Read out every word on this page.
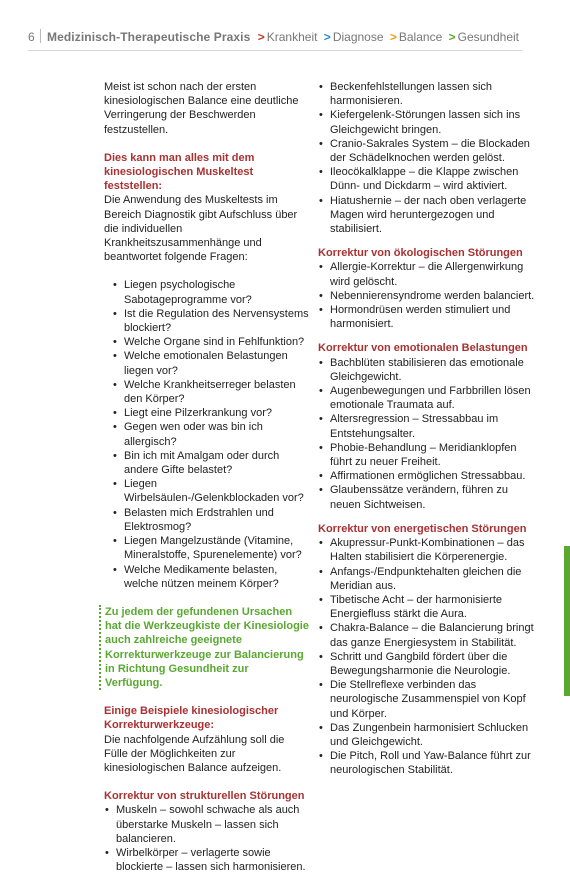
6 Medizinisch-Therapeutische Praxis > Krankheit > Diagnose > Balance > Gesundheit

Meist ist schon nach der ersten kinesiologischen Balance eine deutliche Verringerung der Beschwerden festzustellen.

Dies kann man alles mit dem kinesiologischen Muskeltest feststellen:

Die Anwendung des Muskeltests im Bereich Diagnostik gibt Aufschluss über die individuellen Krankheitszusammenhänge und beantwortet folgende Fragen:

• Liegen psychologische Sabotageprogramme vor?
• Ist die Regulation des Nervensystems blockiert?
• Welche Organe sind in Fehlfunktion?
• Welche emotionalen Belastungen liegen vor?
• Welche Krankheitserreger belasten den Körper?
• Liegt eine Pilzerkrankung vor?
• Gegen wen oder was bin ich allergisch?
• Bin ich mit Amalgam oder durch andere Gifte belastet?
• Liegen Wirbelsäulen-/Gelenkblockaden vor?
• Belasten mich Erdstrahlen und Elektrosmog?
• Liegen Mangelzustände (Vitamine, Mineralstoffe, Spurenelemente) vor?
• Welche Medikamente belasten, welche nützen meinem Körper?

Zu jedem der gefundenen Ursachen hat die Werkzeugkiste der Kinesiologie auch zahlreiche geeignete Korrekturwerkzeuge zur Balancierung in Richtung Gesundheit zur Verfügung.

Einige Beispiele kinesiologischer Korrekturwerkzeuge:

Die nachfolgende Aufzählung soll die Fülle der Möglichkeiten zur kinesiologischen Balance aufzeigen.

Korrektur von strukturellen Störungen
• Muskeln – sowohl schwache als auch überstarke Muskeln – lassen sich balancieren.
• Wirbelkörper – verlagerte sowie blockierte – lassen sich harmonisieren.
• Beckenfehlstellungen lassen sich harmonisieren.
• Kiefergelenk-Störungen lassen sich ins Gleichgewicht bringen.
• Cranio-Sakrales System – die Blockaden der Schädelknochen werden gelöst.
• Ileocökalklappe – die Klappe zwischen Dünn- und Dickdarm – wird aktiviert.
• Hiatushernie – der nach oben verlagerte Magen wird heruntergezogen und stabilisiert.
Korrektur von ökologischen Störungen
• Allergie-Korrektur – die Allergenwirkung wird gelöscht.
• Nebennierensyndrome werden balanciert.
• Hormondrüsen werden stimuliert und harmonisiert.
Korrektur von emotionalen Belastungen
• Bachblüten stabilisieren das emotionale Gleichgewicht.
• Augenbewegungen und Farbbrillen lösen emotionale Traumata auf.
• Altersregression – Stressabbau im Entstehungsalter.
• Phobie-Behandlung – Meridianklopfen führt zu neuer Freiheit.
• Affirmationen ermöglichen Stressabbau.
• Glaubenssätze verändern, führen zu neuen Sichtweisen.
Korrektur von energetischen Störungen
• Akupressur-Punkt-Kombinationen – das Halten stabilisiert die Körperenergie.
• Anfangs-/Endpunktehalten gleichen die Meridian aus.
• Tibetische Acht – der harmonisierte Energiefluss stärkt die Aura.
• Chakra-Balance – die Balancierung bringt das ganze Energiesystem in Stabilität.
• Schritt und Gangbild fördert über die Bewegungsharmonie die Neurologie.
• Die Stellreflexe verbinden das neurologische Zusammenspiel von Kopf und Körper.
• Das Zungenbein harmonisiert Schlucken und Gleichgewicht.
• Die Pitch, Roll und Yaw-Balance führt zur neurologischen Stabilität.
